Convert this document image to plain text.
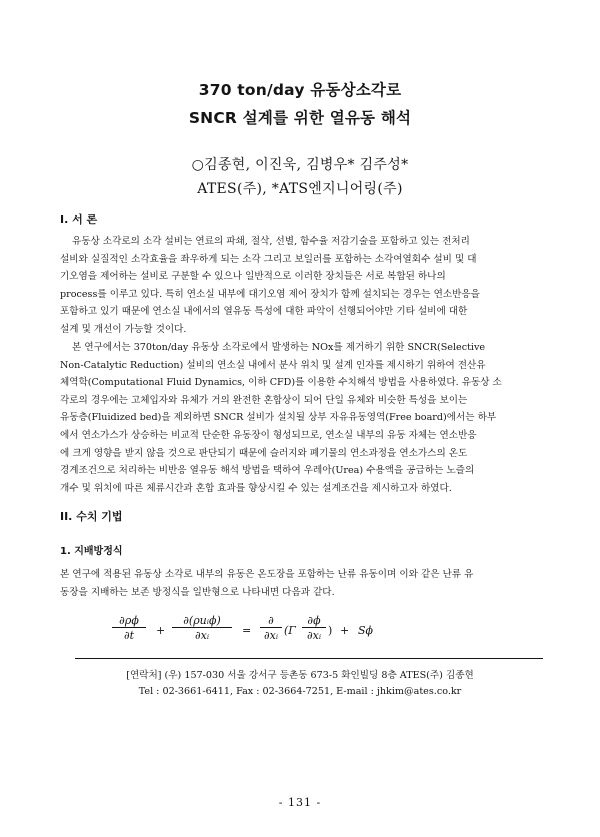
370 ton/day 유동상소각로
SNCR 설계를 위한 열유동 해석
○김종현, 이진욱, 김병우* 김주성*
ATES(주), *ATS엔지니어링(주)
I. 서 론
유동상 소각로의 소각 설비는 연료의 파쇄, 절삭, 선별, 함수율 저감기술을 포함하고 있는 전처리
설비와 실질적인 소각효율을 좌우하게 되는 소각 그리고 보일러를 포함하는 소각여열회수 설비 및 대
기오염을 제어하는 설비로 구분할 수 있으나 일반적으로 이러한 장치들은 서로 복합된 하나의
process를 이루고 있다. 특히 연소실 내부에 대기오염 제어 장치가 함께 설치되는 경우는 연소반응을
포함하고 있기 때문에 연소실 내에서의 열유동 특성에 대한 파악이 선행되어야만 기타 설비에 대한
설계 및 개선이 가능할 것이다.
본 연구에서는 370ton/day 유동상 소각로에서 발생하는 NOx를 제거하기 위한 SNCR(Selective
Non-Catalytic Reduction) 설비의 연소실 내에서 분사 위치 및 설계 인자를 제시하기 위하여 전산유
체역학(Computational Fluid Dynamics, 이하 CFD)를 이용한 수치해석 방법을 사용하였다. 유동상 소
각로의 경우에는 고체입자와 유체가 거의 완전한 혼합상이 되어 단일 유체와 비슷한 특성을 보이는
유동층(Fluidized bed)을 제외하면 SNCR 설비가 설치될 상부 자유유동영역(Free board)에서는 하부
에서 연소가스가 상승하는 비교적 단순한 유동장이 형성되므로, 연소실 내부의 유동 자체는 연소반응
에 크게 영향을 받지 않을 것으로 판단되기 때문에 슬러지와 폐기물의 연소과정을 연소가스의 온도
경계조건으로 처리하는 비반응 열유동 해석 방법을 택하여 우레아(Urea) 수용액을 공급하는 노즐의
개수 및 위치에 따른 체류시간과 혼합 효과를 향상시킬 수 있는 설계조건을 제시하고자 하였다.
II. 수치 기법
1. 지배방정식
본 연구에 적용된 유동상 소각로 내부의 유동은 온도장을 포함하는 난류 유동이며 이와 같은 난류 유
동장을 지배하는 보존 방정식을 일반형으로 나타내면 다음과 같다.
$\frac{\partial\rho\phi}{\partial t}$ +
∂(ρuᵢϕ)
∂xᵢ	=
∂
∂xᵢ ($\Gamma \frac{\partial\phi}{\text{∂xᵢ}}$ ) + Sϕ
[연락처] (우) 157-030 서울 강서구 등촌동 673-5 화인빌딩 8층 ATES(주) 김종현
Tel : 02-3661-6411, Fax : 02-3664-7251, E-mail : jhkim@ates.co.kr
- 131 -
